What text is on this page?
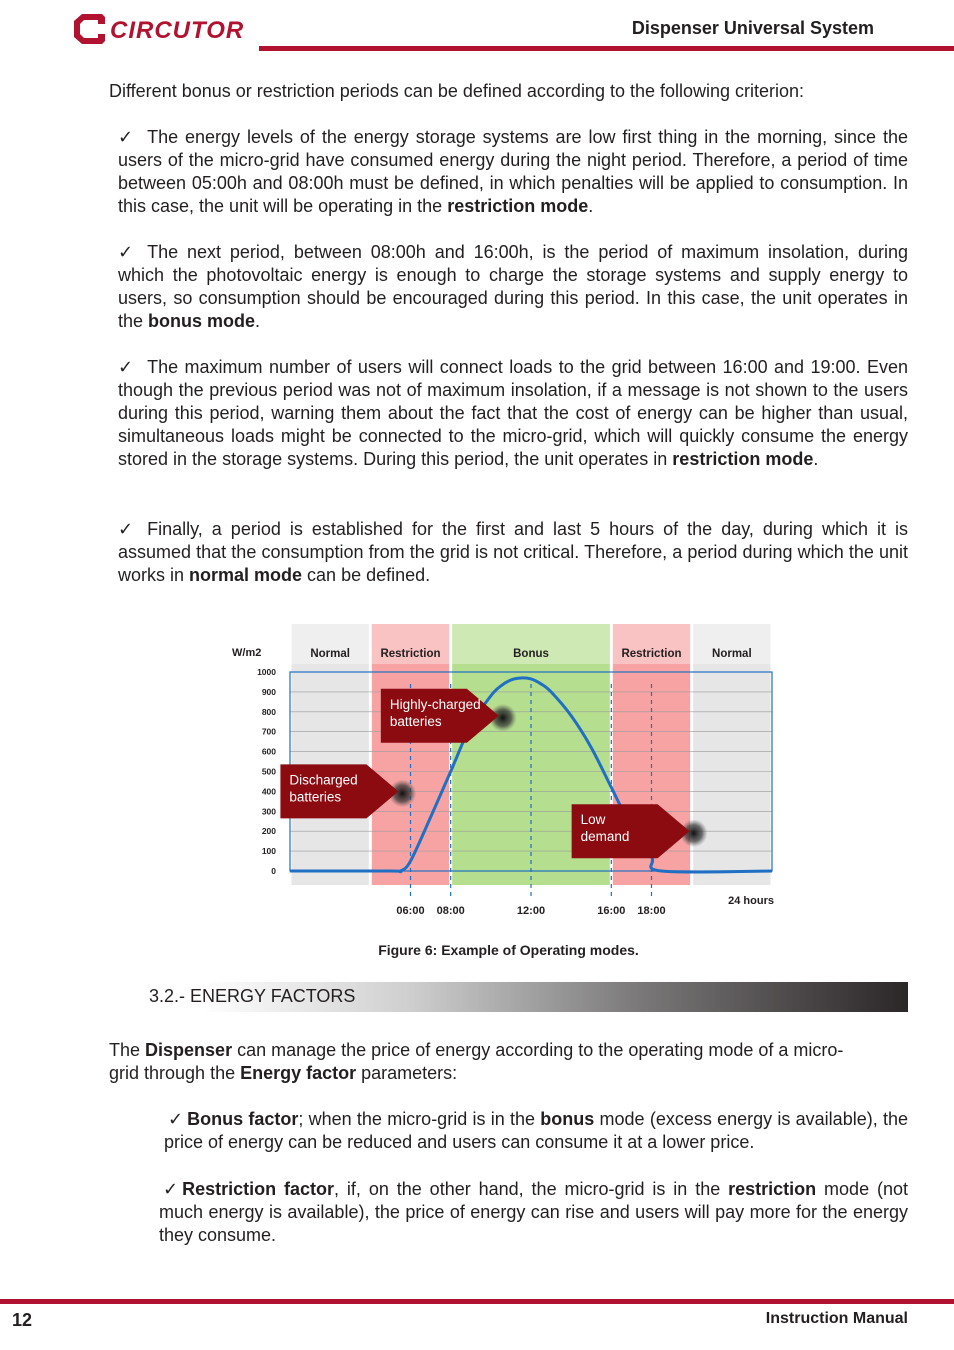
CIRCUTOR	Dispenser Universal System

Different bonus or restriction periods can be defined according to the following criterion:

✓ The energy levels of the energy storage systems are low first thing in the morning, since the users of the micro-grid have consumed energy during the night period. Therefore, a period of time between 05:00h and 08:00h must be defined, in which penalties will be applied to consumption. In this case, the unit will be operating in the restriction mode.

✓ The next period, between 08:00h and 16:00h, is the period of maximum insolation, during which the photovoltaic energy is enough to charge the storage systems and supply energy to users, so consumption should be encouraged during this period. In this case, the unit operates in the bonus mode.

✓ The maximum number of users will connect loads to the grid between 16:00 and 19:00. Even though the previous period was not of maximum insolation, if a message is not shown to the users during this period, warning them about the fact that the cost of energy can be higher than usual, simultaneous loads might be connected to the micro-grid, which will quickly consume the energy stored in the storage systems. During this period, the unit operates in restriction mode.

✓ Finally, a period is established for the first and last 5 hours of the day, during which it is assumed that the consumption from the grid is not critical. Therefore, a period during which the unit works in normal mode can be defined.

Normal	Restriction	Bonus	Restriction	Normal
0
100
200
300
400
500
600
700
800
900
1000
W/m2
24 hours
06:00 08:00	12:00	16:00 18:00
Discharged
batteries
Highly-charged
batteries
Low
demand
Figure 6: Example of Operating modes.
3.2.- ENERGY FACTORS

The Dispenser can manage the price of energy according to the operating mode of a micro-grid through the Energy factor parameters:

✓ Bonus factor; when the micro-grid is in the bonus mode (excess energy is available), the price of energy can be reduced and users can consume it at a lower price.

✓ Restriction factor, if, on the other hand, the micro-grid is in the restriction mode (not much energy is available), the price of energy can rise and users will pay more for the energy they consume.

12	Instruction Manual
